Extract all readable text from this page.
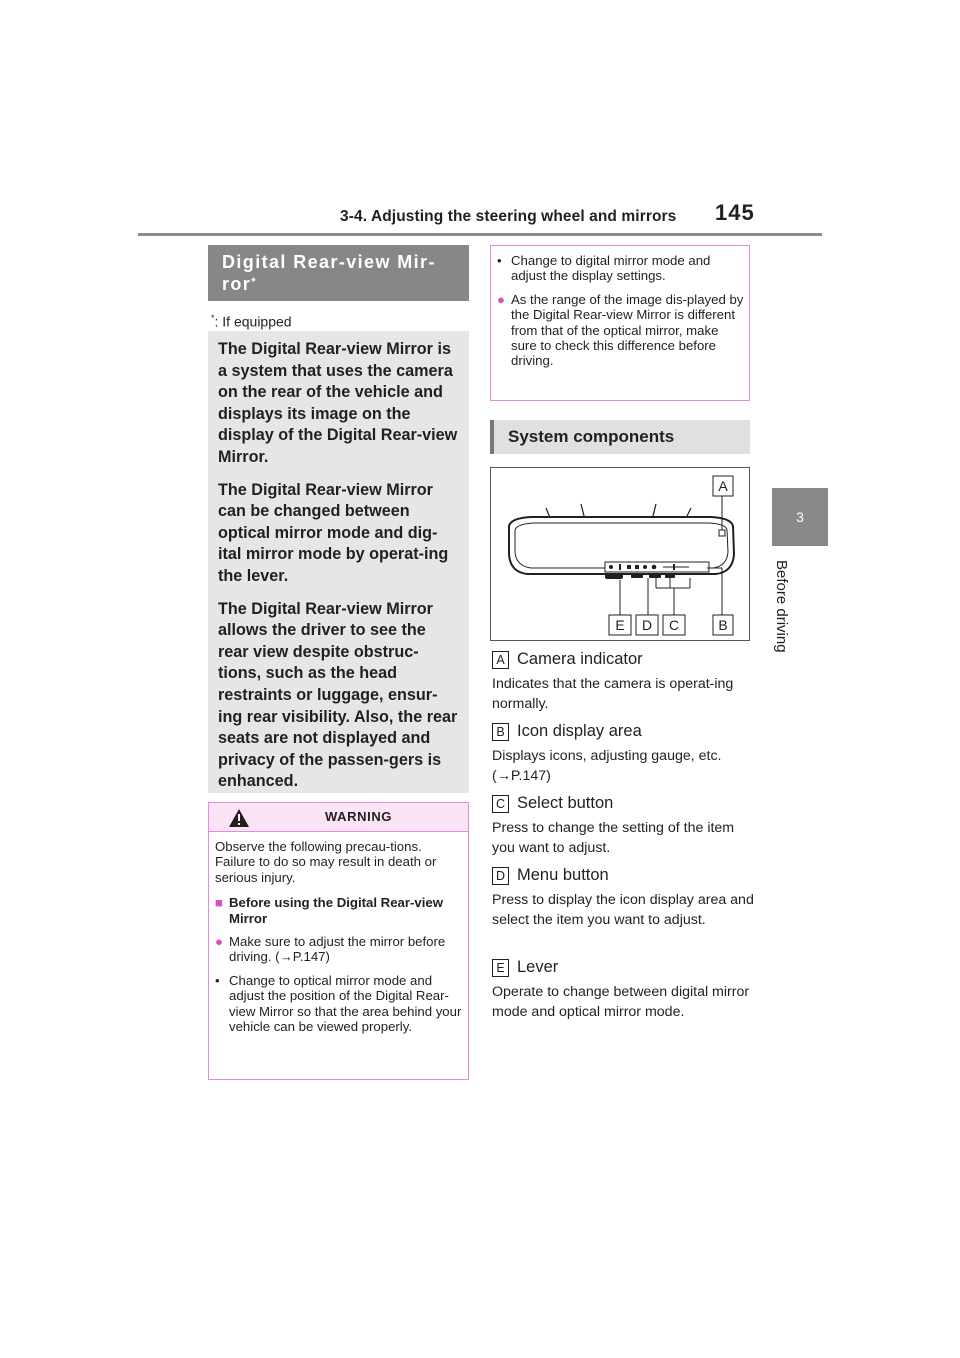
3-4. Adjusting the steering wheel and mirrors 145
3
Before driving
Digital Rear-view Mir-
ror*
*: If equipped

The Digital Rear-view Mirror is a system that uses the camera on the rear of the vehicle and displays its image on the display of the Digital Rear-view Mirror.

The Digital Rear-view Mirror can be changed between optical mirror mode and dig-ital mirror mode by operat-ing the lever.

The Digital Rear-view Mirror allows the driver to see the rear view despite obstruc-tions, such as the head restraints or luggage, ensur-ing rear visibility. Also, the rear seats are not displayed and privacy of the passen-gers is enhanced.

WARNING
Observe the following precau-tions.
Failure to do so may result in death or serious injury.
■ Before using the Digital Rear-view Mirror
● Make sure to adjust the mirror before driving. (→P.147)
• Change to optical mirror mode and adjust the position of the Digital Rear-view Mirror so that the area behind your vehicle can be viewed properly.
• Change to digital mirror mode and adjust the display settings.
● As the range of the image dis-played by the Digital Rear-view Mirror is different from that of the optical mirror, make sure to check this difference before driving.
System components
A
B
C
D
E
A Camera indicator
Indicates that the camera is operat-ing normally.
B Icon display area
Displays icons, adjusting gauge, etc. (→P.147)
C Select button
Press to change the setting of the item you want to adjust.
D Menu button
Press to display the icon display area and select the item you want to adjust.
E Lever
Operate to change between digital mirror mode and optical mirror mode.
